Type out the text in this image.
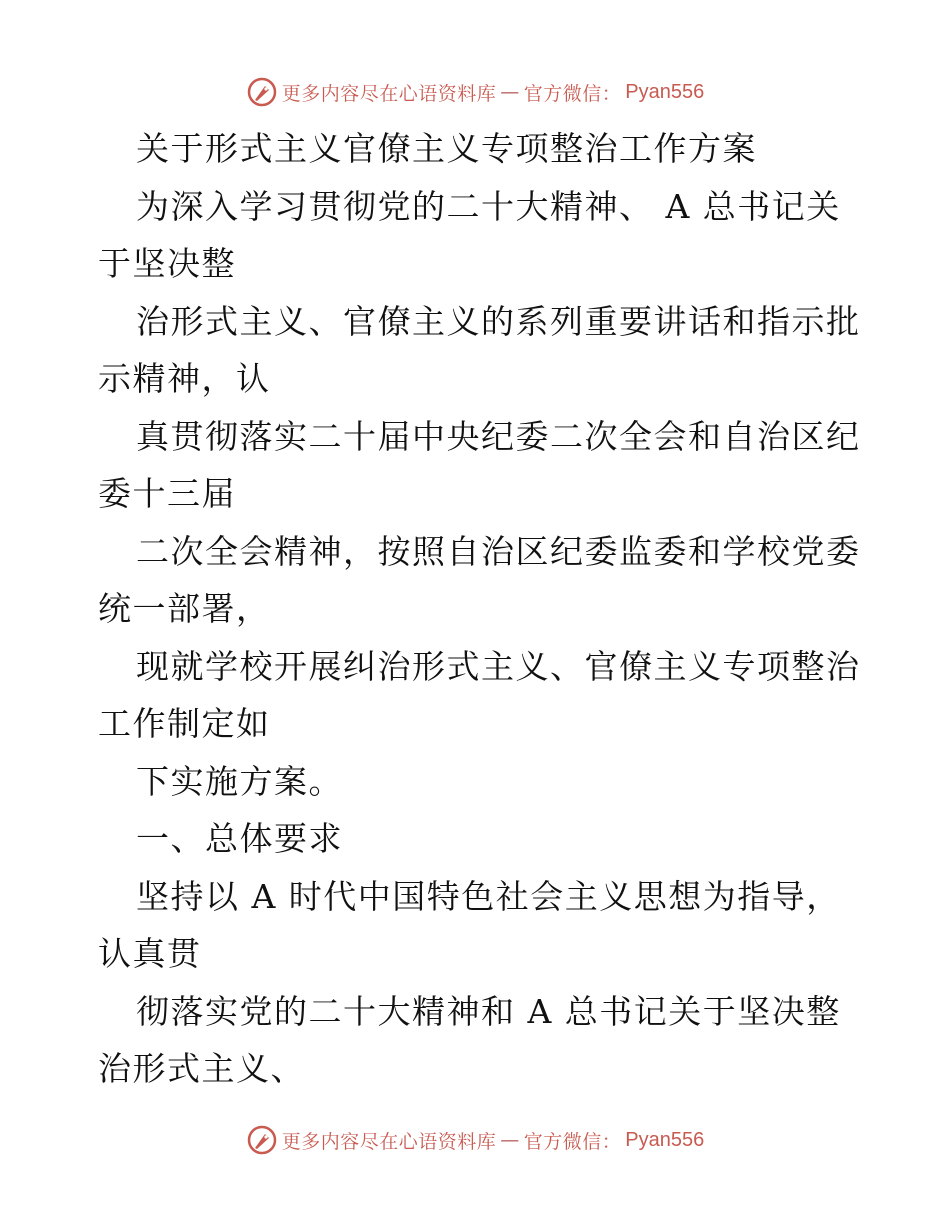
更多内容尽在心语资料库 — 官方微信： Pyan556
关于形式主义官僚主义专项整治工作方案
为深入学习贯彻党的二十大精神、 A 总书记关
于坚决整
治形式主义、官僚主义的系列重要讲话和指示批
示精神，认
真贯彻落实二十届中央纪委二次全会和自治区纪
委十三届
二次全会精神，按照自治区纪委监委和学校党委
统一部署，
现就学校开展纠治形式主义、官僚主义专项整治
工作制定如
下实施方案。
一、总体要求
坚持以 A 时代中国特色社会主义思想为指导，
认真贯
彻落实党的二十大精神和 A 总书记关于坚决整
治形式主义、
更多内容尽在心语资料库 — 官方微信： Pyan556
